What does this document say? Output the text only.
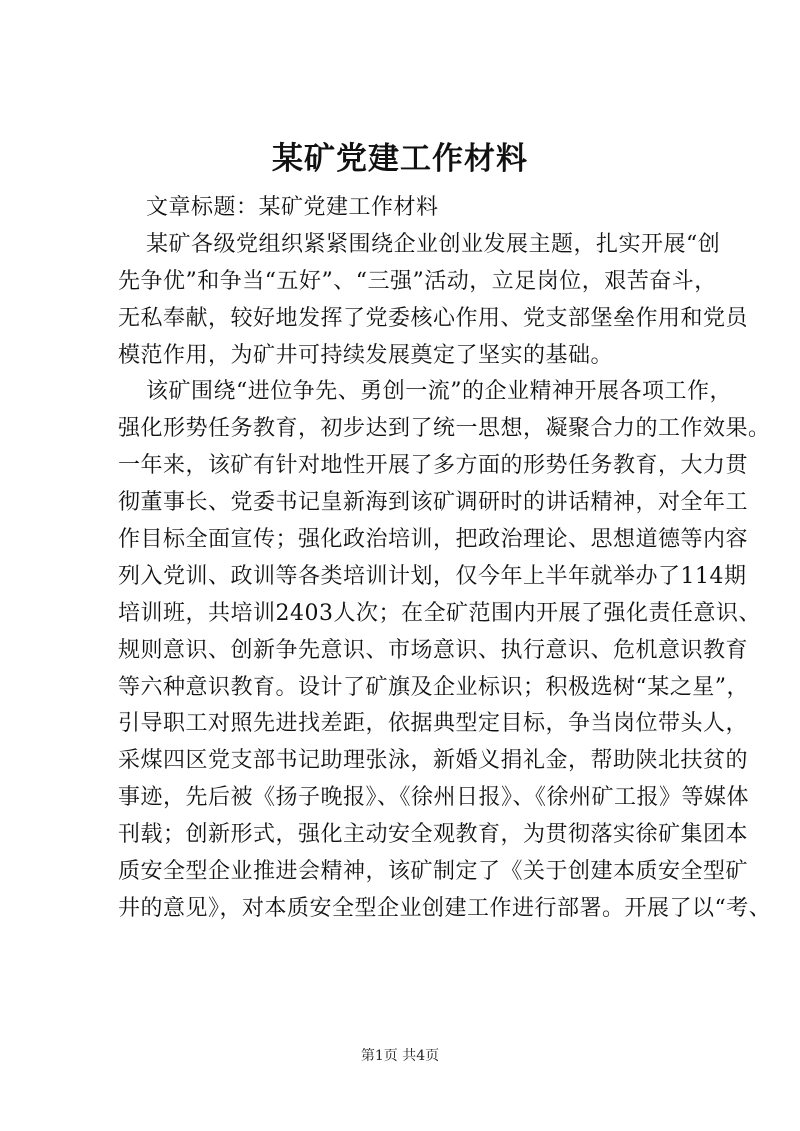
某矿党建工作材料
文章标题：某矿党建工作材料
某矿各级党组织紧紧围绕企业创业发展主题，扎实开展“创
先争优”和争当“五好”、“三强”活动，立足岗位，艰苦奋斗，
无私奉献，较好地发挥了党委核心作用、党支部堡垒作用和党员
模范作用，为矿井可持续发展奠定了坚实的基础。
该矿围绕“进位争先、勇创一流”的企业精神开展各项工作，
强化形势任务教育，初步达到了统一思想，凝聚合力的工作效果。
一年来，该矿有针对地性开展了多方面的形势任务教育，大力贯
彻董事长、党委书记皇新海到该矿调研时的讲话精神，对全年工
作目标全面宣传；强化政治培训，把政治理论、思想道德等内容
列入党训、政训等各类培训计划，仅今年上半年就举办了114期
培训班，共培训2403人次；在全矿范围内开展了强化责任意识、
规则意识、创新争先意识、市场意识、执行意识、危机意识教育
等六种意识教育。设计了矿旗及企业标识；积极选树“某之星”，
引导职工对照先进找差距，依据典型定目标，争当岗位带头人，
采煤四区党支部书记助理张泳，新婚义捐礼金，帮助陕北扶贫的
事迹，先后被《扬子晚报》、《徐州日报》、《徐州矿工报》等媒体
刊载；创新形式，强化主动安全观教育，为贯彻落实徐矿集团本
质安全型企业推进会精神，该矿制定了《关于创建本质安全型矿
井的意见》，对本质安全型企业创建工作进行部署。开展了以“考、
第1页 共4页
